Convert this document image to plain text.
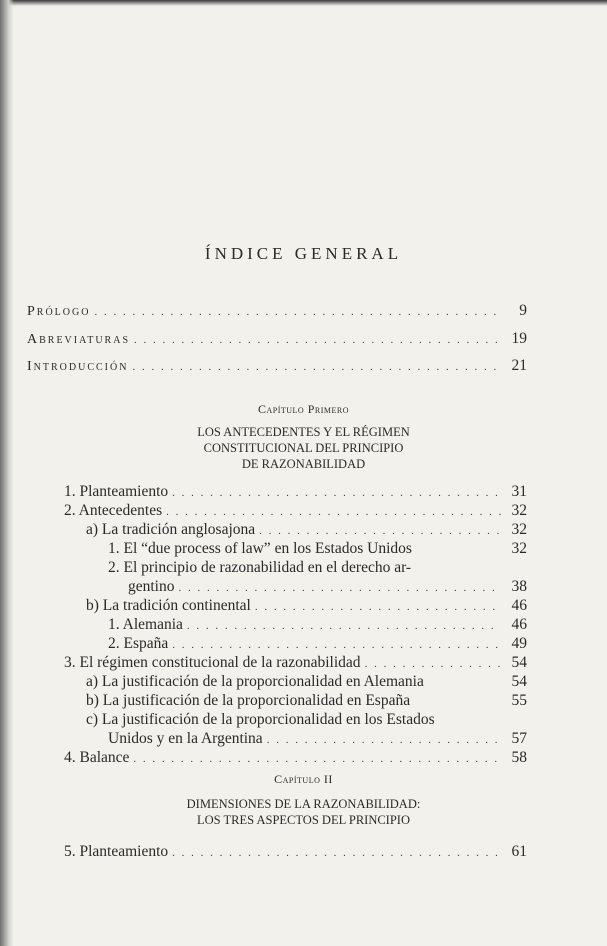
ÍNDICE GENERAL
Prólogo . . .	9
Abreviaturas . . .	19
Introducción . . .	21
Capítulo Primero
LOS ANTECEDENTES Y EL RÉGIMEN
CONSTITUCIONAL DEL PRINCIPIO
DE RAZONABILIDAD
1. Planteamiento . . .	31
2. Antecedentes . . .	32
a) La tradición anglosajona . . .	32
1. El “due process of law” en los Estados Unidos	32
2. El principio de razonabilidad en el derecho ar-
gentino . . .	38
b) La tradición continental . . .	46
1. Alemania . . .	46
2. España . . .	49
3. El régimen constitucional de la razonabilidad . . .	54
a) La justificación de la proporcionalidad en Alemania	54
b) La justificación de la proporcionalidad en España	55
c) La justificación de la proporcionalidad en los Estados
Unidos y en la Argentina . . .	57
4. Balance . . .	58
Capítulo II
DIMENSIONES DE LA RAZONABILIDAD:
LOS TRES ASPECTOS DEL PRINCIPIO
5. Planteamiento . . .	61
